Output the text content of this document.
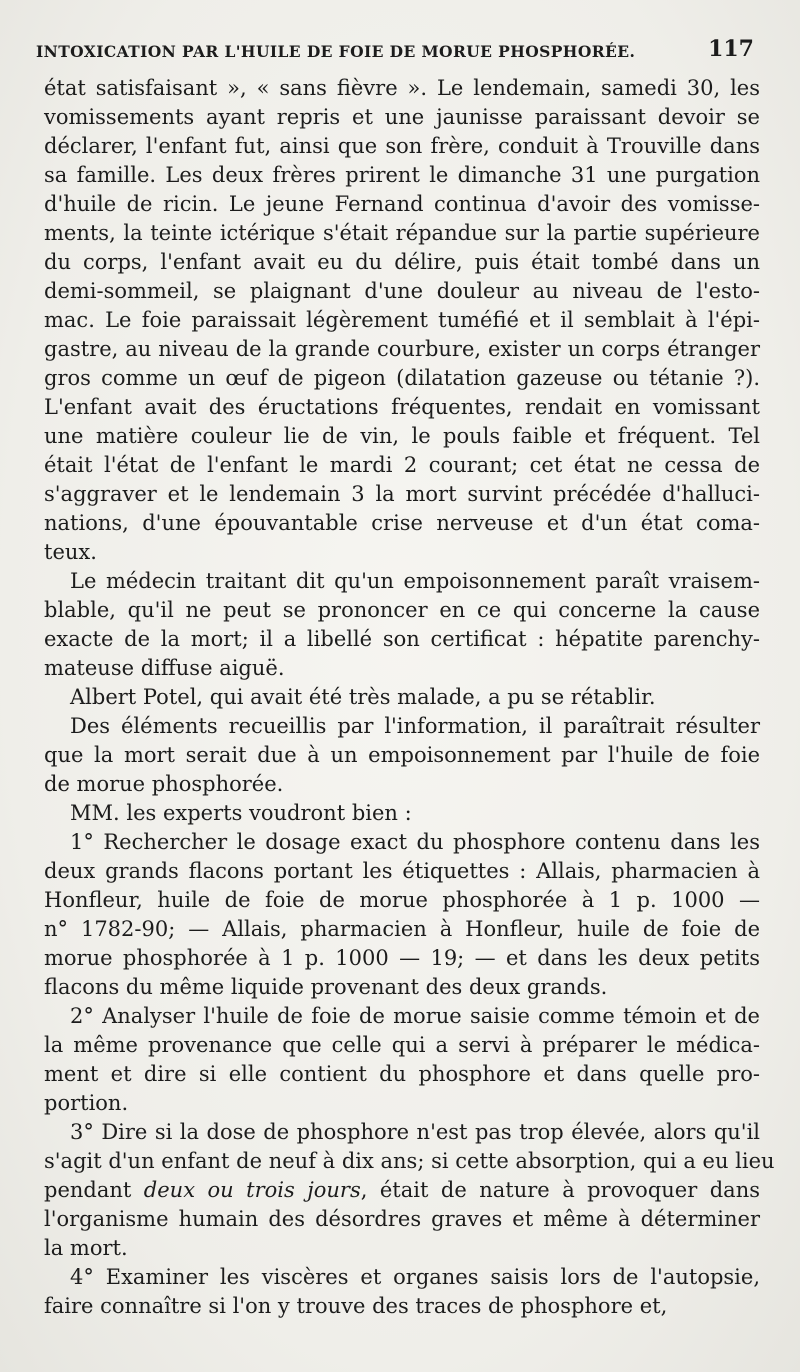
INTOXICATION PAR L'HUILE DE FOIE DE MORUE PHOSPHORÉE.	117
état satisfaisant », « sans fièvre ». Le lendemain, samedi 30, les
vomissements ayant repris et une jaunisse paraissant devoir se
déclarer, l'enfant fut, ainsi que son frère, conduit à Trouville dans
sa famille. Les deux frères prirent le dimanche 31 une purgation
d'huile de ricin. Le jeune Fernand continua d'avoir des vomisse-
ments, la teinte ictérique s'était répandue sur la partie supérieure
du corps, l'enfant avait eu du délire, puis était tombé dans un
demi-sommeil, se plaignant d'une douleur au niveau de l'esto-
mac. Le foie paraissait légèrement tuméfié et il semblait à l'épi-
gastre, au niveau de la grande courbure, exister un corps étranger
gros comme un œuf de pigeon (dilatation gazeuse ou tétanie ?).
L'enfant avait des éructations fréquentes, rendait en vomissant
une matière couleur lie de vin, le pouls faible et fréquent. Tel
était l'état de l'enfant le mardi 2 courant; cet état ne cessa de
s'aggraver et le lendemain 3 la mort survint précédée d'halluci-
nations, d'une épouvantable crise nerveuse et d'un état coma-
teux.
Le médecin traitant dit qu'un empoisonnement paraît vraisem-
blable, qu'il ne peut se prononcer en ce qui concerne la cause
exacte de la mort; il a libellé son certificat : hépatite parenchy-
mateuse diffuse aiguë.
Albert Potel, qui avait été très malade, a pu se rétablir.
Des éléments recueillis par l'information, il paraîtrait résulter
que la mort serait due à un empoisonnement par l'huile de foie
de morue phosphorée.
MM. les experts voudront bien :
1° Rechercher le dosage exact du phosphore contenu dans les
deux grands flacons portant les étiquettes : Allais, pharmacien à
Honfleur, huile de foie de morue phosphorée à 1 p. 1000 —
n° 1782-90; — Allais, pharmacien à Honfleur, huile de foie de
morue phosphorée à 1 p. 1000 — 19; — et dans les deux petits
flacons du même liquide provenant des deux grands.
2° Analyser l'huile de foie de morue saisie comme témoin et de
la même provenance que celle qui a servi à préparer le médica-
ment et dire si elle contient du phosphore et dans quelle pro-
portion.
3° Dire si la dose de phosphore n'est pas trop élevée, alors qu'il
s'agit d'un enfant de neuf à dix ans; si cette absorption, qui a eu lieu
pendant deux ou trois jours, était de nature à provoquer dans
l'organisme humain des désordres graves et même à déterminer
la mort.
4° Examiner les viscères et organes saisis lors de l'autopsie,
faire connaître si l'on y trouve des traces de phosphore et,
